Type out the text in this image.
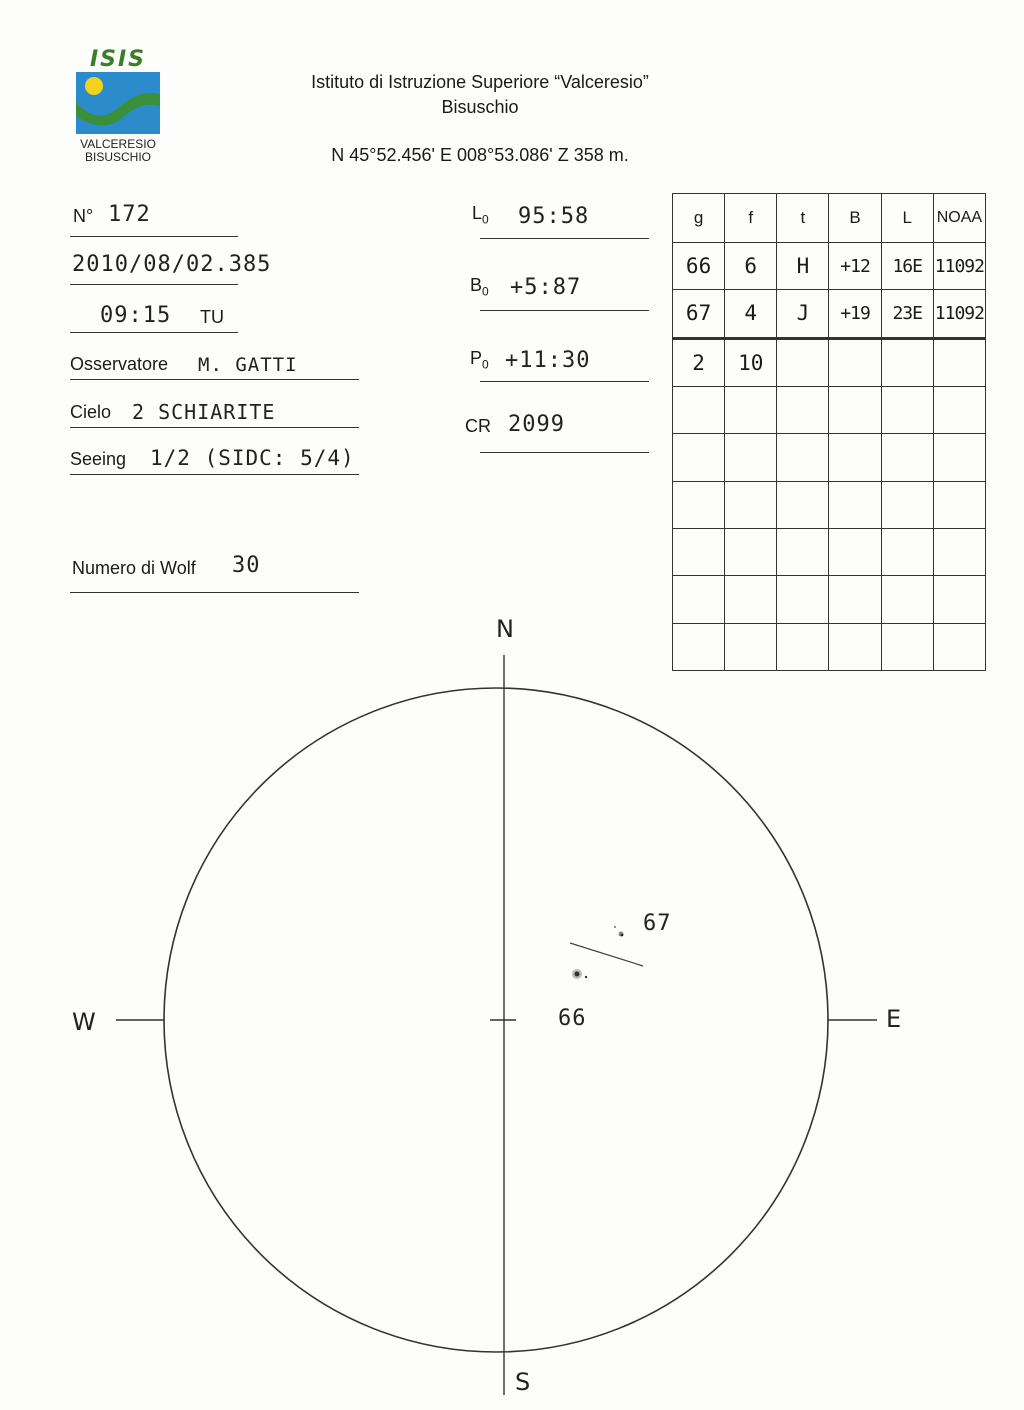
ISIS
VALCERESIO
BISUSCHIO
Istituto di Istruzione Superiore “Valceresio”
Bisuschio
N 45°52.456' E 008°53.086' Z 358 m.
N° 172
2010/08/02.385
09:15 TU
Osservatore M. GATTI
Cielo 2 SCHIARITE
Seeing 1/2 (SIDC: 5/4)
Numero di Wolf 30
$L_0$ 95:58
$B_0$ +5:87
$P_0$ +11:30
CR 2099
g	f	t	B	L	NOAA
66	6	H	+12	16E	11092
67	4	J	+19	23E	11092
2	10				

66
67
N
S
E
W
